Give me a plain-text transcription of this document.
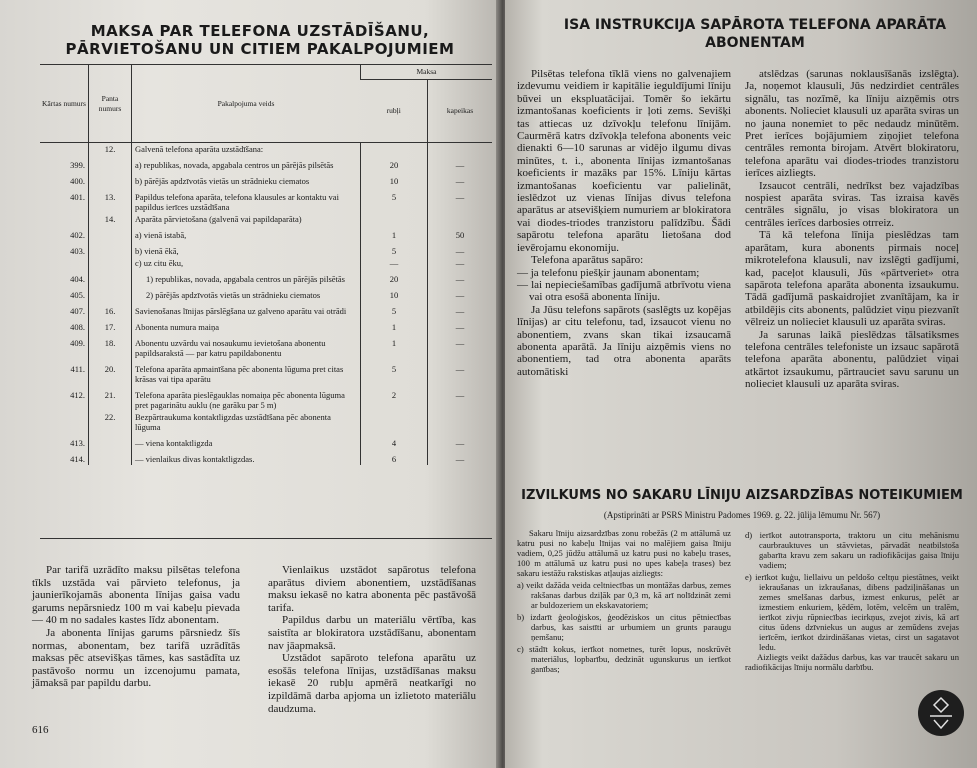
MAKSA PAR TELEFONA UZSTĀDĪŠANU, PĀRVIETOŠANU UN CITIEM PAKALPOJUMIEM
Kārtas numurs	Panta numurs	Pakalpojuma veids	Maksa	
			rubļi	kapeikas
	12.	Galvenā telefona aparāta uzstādīšana:		
399.		a) republikas, novada, apgabala centros un pārējās pilsētās	20	—
400.		b) pārējās apdzīvotās vietās un strādnieku ciematos	10	—
401.	13.	Papildus telefona aparāta, telefona klausules ar kontaktu vai papildus ierīces uzstādīšana	5	—
	14.	Aparāta pārvietošana (galvenā vai papildaparāta)		
402.		a) vienā istabā,	1	50
403.		b) vienā ēkā,	5	—
		c) uz citu ēku,	—	—
404.		1) republikas, novada, apgabala centros un pārējās pilsētās	20	—
405.		2) pārējās apdzīvotās vietās un strādnieku ciematos	10	—
407.	16.	Savienošanas līnijas pārslēgšana uz galveno aparātu vai otrādi	5	—
408.	17.	Abonenta numura maiņa	1	—
409.	18.	Abonentu uzvārdu vai nosaukumu ievietošana abonentu papildsarakstā — par katru papildabonentu	1	—
411.	20.	Telefona aparāta apmainīšana pēc abonenta lūguma pret citas krāsas vai tipa aparātu	5	—
412.	21.	Telefona aparāta pieslēgauklas nomaiņa pēc abonenta lūguma pret pagarinātu auklu (ne garāku par 5 m)	2	—
	22.	Bezpārtraukuma kontaktligzdas uzstādīšana pēc abonenta lūguma		
413.		— viena kontaktligzda	4	—
414.		— vienlaikus divas kontaktligzdas.	6	—

Par tarifā uzrādīto maksu pilsētas telefona tīkls uzstāda vai pārvieto telefonus, ja jaunierīkojamās abonenta līnijas gaisa vadu garums nepārsniedz 100 m vai kabeļu pievada — 40 m no sadales kastes līdz abonentam.

Ja abonenta līnijas garums pārsniedz šīs normas, abonentam, bez tarifā uzrādītās maksas pēc atsevišķas tāmes, kas sastādīta uz pastāvošo normu un izcenojumu pamata, jāmaksā par papildu darbu.

Vienlaikus uzstādot sapārotus telefona aparātus diviem abonentiem, uzstādīšanas maksu iekasē no katra abonenta pēc pastāvošā tarifa.

Papildus darbu un materiālu vērtība, kas saistīta ar blokiratora uzstādīšanu, abonentam nav jāapmaksā.

Uzstādot sapāroto telefona aparātu uz esošās telefona līnijas, uzstādīšanas maksu iekasē 20 rubļu apmērā neatkarīgi no izpildāmā darba apjoma un izlietoto materiālu daudzuma.

616
ISA INSTRUKCIJA SAPĀROTA TELEFONA APARĀTA ABONENTAM

Pilsētas telefona tīklā viens no galvenajiem izdevumu veidiem ir kapitālie ieguldījumi līniju būvei un ekspluatācijai. Tomēr šo iekārtu izmantošanas koeficients ir ļoti zems. Sevišķi tas attiecas uz dzīvokļu telefonu līnijām. Caurmērā katrs dzīvokļa telefona abonents veic dienakti 6—10 sarunas ar vidējo ilgumu divas minūtes, t. i., abonenta līnijas izmantošanas koeficients ir mazāks par 15%. Līniju kārtas izmantošanas koeficientu var palielināt, ieslēdzot uz vienas līnijas divus telefona aparātus ar atsevišķiem numuriem ar blokiratora vai diodes-triodes tranzistoru palīdzību. Šādi sapārotu telefona aparātu lietošana dod ievērojamu ekonomiju.

Telefona aparātus sapāro:

— ja telefonu piešķir jaunam abonentam;

— lai nepieciešamības gadījumā atbrīvotu viena vai otra esošā abonenta līniju.

Ja Jūsu telefons sapārots (saslēgts uz kopējas līnijas) ar citu telefonu, tad, izsaucot vienu no abonentiem, zvans skan tikai izsaucamā abonenta aparātā. Ja līniju aizņēmis viens no abonentiem, tad otra abonenta aparāts automātiski

atslēdzas (sarunas noklausīšanās izslēgta). Ja, noņemot klausuli, Jūs nedzirdiet centrāles signālu, tas nozīmē, ka līniju aizņēmis otrs abonents. Nolieciet klausuli uz aparāta sviras un no jauna nonemiet to pēc nedaudz minūtēm. Pret ierīces bojājumiem ziņojiet telefona centrāles remonta birojam. Atvērt blokiratoru, telefona aparātu vai diodes-triodes tranzistoru ierīces aizliegts.

Izsaucot centrāli, nedrīkst bez vajadzības nospiest aparāta sviras. Tas izraisa kavēs centrāles signālu, jo visas blokiratora un centrāles ierīces darbosies otrreiz.

Tā kā telefona līnija pieslēdzas tam aparātam, kura abonents pirmais noceļ mikrotelefona klausuli, nav izslēgti gadījumi, kad, paceļot klausuli, Jūs «pārtveriet» otra sapārota telefona aparāta abonenta izsaukumu. Tādā gadījumā paskaidrojiet zvanītājam, ka ir atbildējis cits abonents, palūdziet viņu piezvanīt vēlreiz un nolieciet klausuli uz aparāta sviras.

Ja sarunas laikā pieslēdzas tālsatiksmes telefona centrāles telefoniste un izsauc sapārotā telefona aparāta abonentu, palūdziet viņai atkārtot izsaukumu, pārtrauciet savu sarunu un nolieciet klausuli uz aparāta sviras.

IZVILKUMS NO SAKARU LĪNIJU AIZSARDZĪBAS NOTEIKUMIEM
(Apstiprināti ar PSRS Ministru Padomes 1969. g. 22. jūlija lēmumu Nr. 567)

Sakaru līniju aizsardzības zonu robežās (2 m attālumā uz katru pusi no kabeļu līnijas vai no malējiem gaisa līniju vadiem, 0,25 jūdžu attālumā uz katru pusi no kabeļu trases, 100 m attālumā uz katru pusi no upes kabeļa trases) bez sakaru iestāžu rakstiskas atļaujas aizliegts:

a) veikt dažāda veida celtniecības un montāžas darbus, zemes rakšanas darbus dziļāk par 0,3 m, kā arī nolīdzināt zemi ar buldozeriem un ekskavatoriem;

b) izdarīt ģeoloģiskos, ģeodēziskos un citus pētniecības darbus, kas saistīti ar urbumiem un grunts paraugu ņemšanu;

c) stādīt kokus, ierīkot nometnes, turēt lopus, noskrūvēt materiālus, lopbarību, dedzināt ugunskurus un ierīkot ganības;

d) ierīkot autotransporta, traktoru un citu mehānismu caurbrauktuves un stāvvietas, pārvadāt neatbilstoša gabarīta kravu zem sakaru un radiofikācijas gaisa līniju vadiem;

e) ierīkot kuģu, liellaivu un peldošo celtņu piestātnes, veikt iekraušanas un izkraušanas, dibens padziļināšanas un zemes smelšanas darbus, izmest enkurus, pelēt ar izmestiem enkuriem, ķēdēm, lotēm, velcēm un tralēm, ierīkot zivju rūpniecības iecirkņus, zvejot zivis, kā arī citus ūdens dzīvniekus un augus ar zemūdens zvejas ierīcēm, ierīkot dzirdināšanas vietas, cirst un sagatavot ledu.

Aizliegts veikt dažādus darbus, kas var traucēt sakaru un radiofikācijas līniju normālu darbību.
